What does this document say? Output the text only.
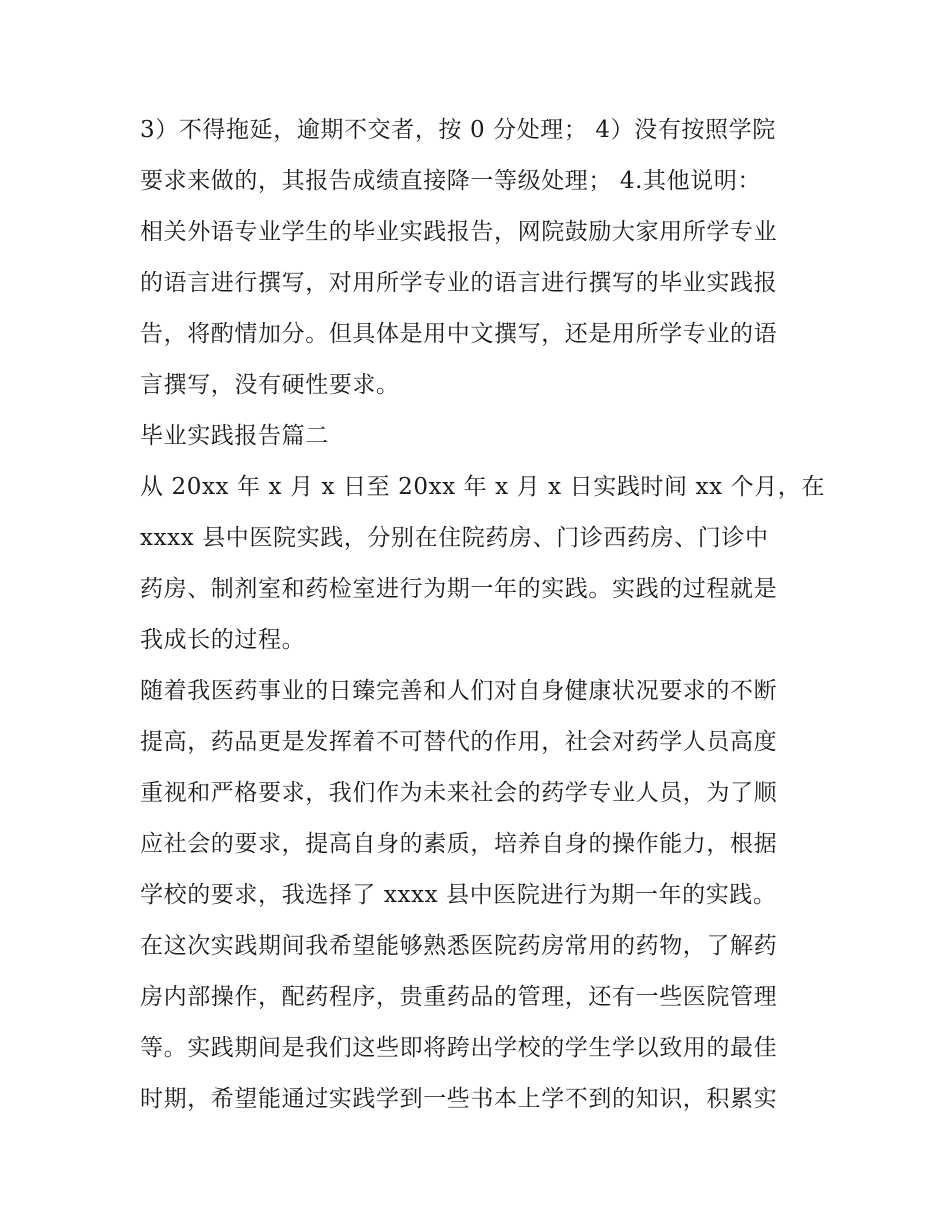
3）不得拖延，逾期不交者，按 0 分处理； 4）没有按照学院
要求来做的，其报告成绩直接降一等级处理； 4.其他说明：
相关外语专业学生的毕业实践报告，网院鼓励大家用所学专业
的语言进行撰写，对用所学专业的语言进行撰写的毕业实践报
告，将酌情加分。但具体是用中文撰写，还是用所学专业的语
言撰写，没有硬性要求。
毕业实践报告篇二
从 20xx 年 x 月 x 日至 20xx 年 x 月 x 日实践时间 xx 个月，在
xxxx 县中医院实践，分别在住院药房、门诊西药房、门诊中
药房、制剂室和药检室进行为期一年的实践。实践的过程就是
我成长的过程。
随着我医药事业的日臻完善和人们对自身健康状况要求的不断
提高，药品更是发挥着不可替代的作用，社会对药学人员高度
重视和严格要求，我们作为未来社会的药学专业人员，为了顺
应社会的要求，提高自身的素质，培养自身的操作能力，根据
学校的要求，我选择了 xxxx 县中医院进行为期一年的实践。
在这次实践期间我希望能够熟悉医院药房常用的药物，了解药
房内部操作，配药程序，贵重药品的管理，还有一些医院管理
等。实践期间是我们这些即将跨出学校的学生学以致用的最佳
时期，希望能通过实践学到一些书本上学不到的知识，积累实
